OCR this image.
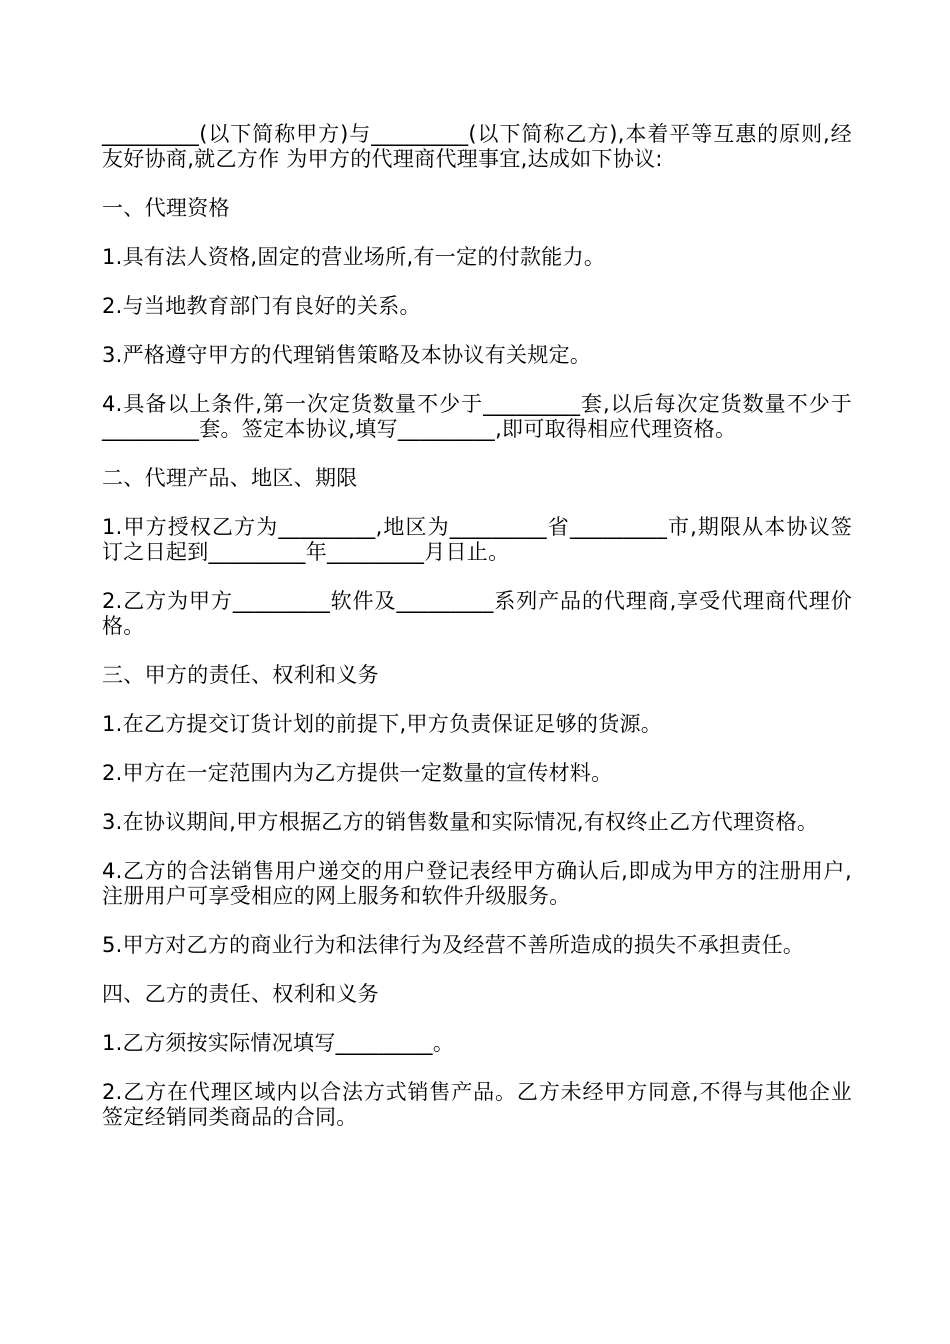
_________(以下简称甲方)与_________(以下简称乙方),本着平等互惠的原则,经友好协商,就乙方作 为甲方的代理商代理事宜,达成如下协议:

一、代理资格

1.具有法人资格,固定的营业场所,有一定的付款能力。

2.与当地教育部门有良好的关系。

3.严格遵守甲方的代理销售策略及本协议有关规定。

4.具备以上条件,第一次定货数量不少于_________套,以后每次定货数量不少于_________套。签定本协议,填写_________,即可取得相应代理资格。

二、代理产品、地区、期限

1.甲方授权乙方为_________,地区为_________省_________市,期限从本协议签订之日起到_________年_________月日止。

2.乙方为甲方_________软件及_________系列产品的代理商,享受代理商代理价格。

三、甲方的责任、权利和义务

1.在乙方提交订货计划的前提下,甲方负责保证足够的货源。

2.甲方在一定范围内为乙方提供一定数量的宣传材料。

3.在协议期间,甲方根据乙方的销售数量和实际情况,有权终止乙方代理资格。

4.乙方的合法销售用户递交的用户登记表经甲方确认后,即成为甲方的注册用户,注册用户可享受相应的网上服务和软件升级服务。

5.甲方对乙方的商业行为和法律行为及经营不善所造成的损失不承担责任。

四、乙方的责任、权利和义务

1.乙方须按实际情况填写_________。

2.乙方在代理区域内以合法方式销售产品。乙方未经甲方同意,不得与其他企业签定经销同类商品的合同。
